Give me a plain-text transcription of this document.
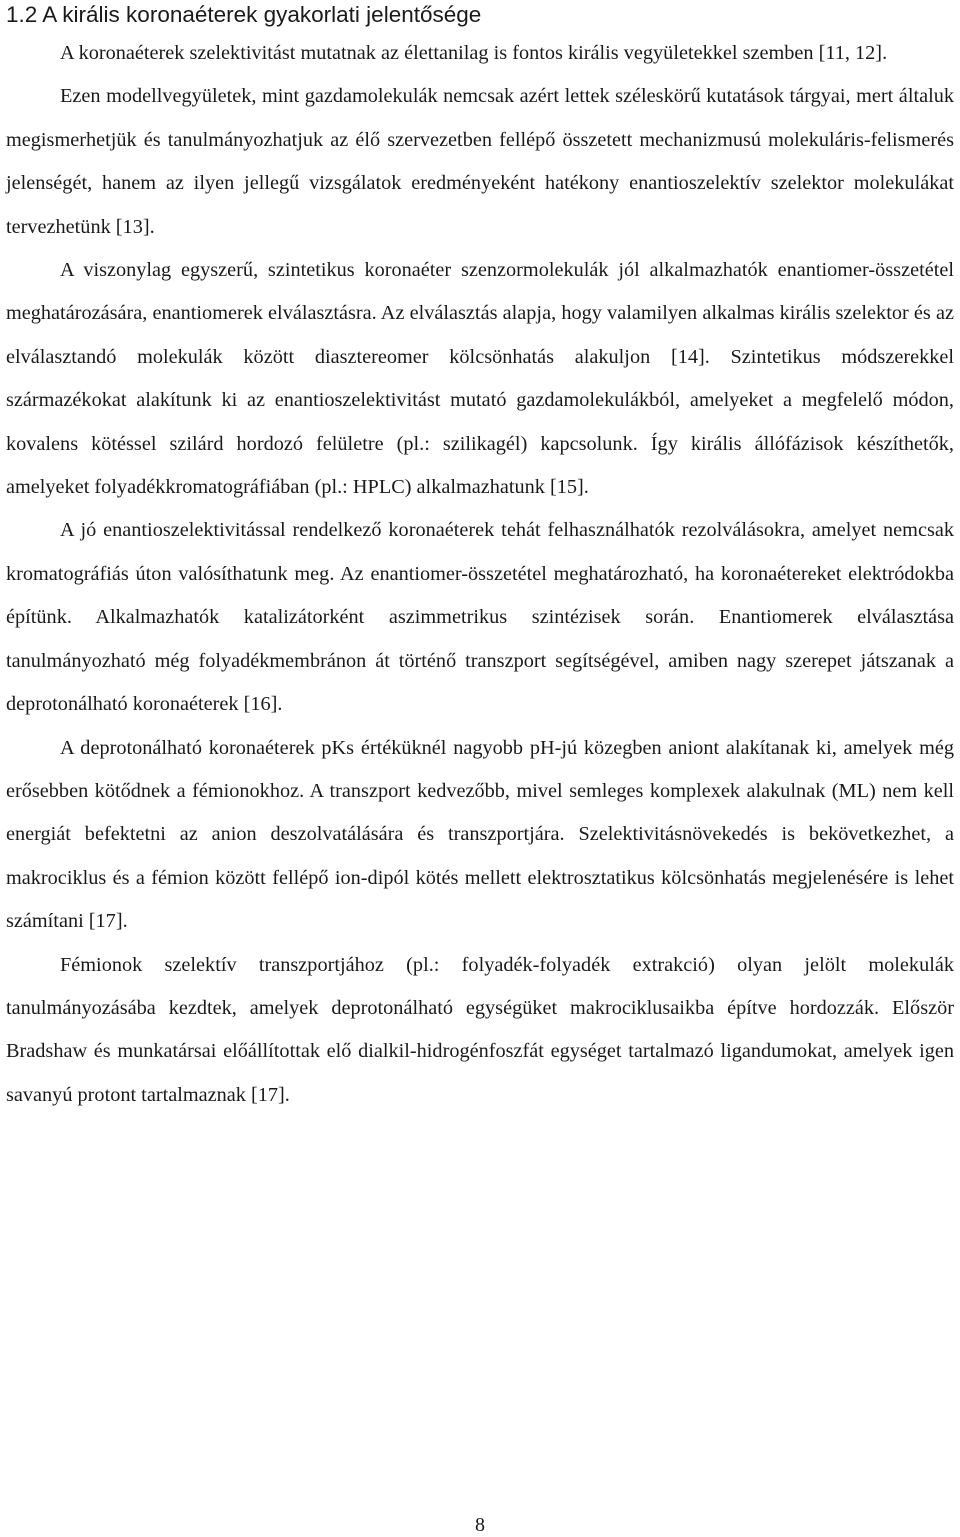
1.2 A királis koronaéterek gyakorlati jelentősége

A koronaéterek szelektivitást mutatnak az élettanilag is fontos királis vegyületekkel szemben [11, 12].

Ezen modellvegyületek, mint gazdamolekulák nemcsak azért lettek széleskörű kutatások tárgyai, mert általuk megismerhetjük és tanulmányozhatjuk az élő szervezetben fellépő összetett mechanizmusú molekuláris-felismerés jelenségét, hanem az ilyen jellegű vizsgálatok eredményeként hatékony enantioszelektív szelektor molekulákat tervezhetünk [13].

A viszonylag egyszerű, szintetikus koronaéter szenzormolekulák jól alkalmazhatók enantiomer-összetétel meghatározására, enantiomerek elválasztásra. Az elválasztás alapja, hogy valamilyen alkalmas királis szelektor és az elválasztandó molekulák között diasztereomer kölcsönhatás alakuljon [14]. Szintetikus módszerekkel származékokat alakítunk ki az enantioszelektivitást mutató gazdamolekulákból, amelyeket a megfelelő módon, kovalens kötéssel szilárd hordozó felületre (pl.: szilikagél) kapcsolunk. Így királis állófázisok készíthetők, amelyeket folyadékkromatográfiában (pl.: HPLC) alkalmazhatunk [15].

A jó enantioszelektivitással rendelkező koronaéterek tehát felhasználhatók rezolválásokra, amelyet nemcsak kromatográfiás úton valósíthatunk meg. Az enantiomer-összetétel meghatározható, ha koronaétereket elektródokba építünk. Alkalmazhatók katalizátorként aszimmetrikus szintézisek során. Enantiomerek elválasztása tanulmányozható még folyadékmembránon át történő transzport segítségével, amiben nagy szerepet játszanak a deprotonálható koronaéterek [16].

A deprotonálható koronaéterek pKs értéküknél nagyobb pH-jú közegben aniont alakítanak ki, amelyek még erősebben kötődnek a fémionokhoz. A transzport kedvezőbb, mivel semleges komplexek alakulnak (ML) nem kell energiát befektetni az anion deszolvatálására és transzportjára. Szelektivitásnövekedés is bekövetkezhet, a makrociklus és a fémion között fellépő ion-dipól kötés mellett elektrosztatikus kölcsönhatás megjelenésére is lehet számítani [17].

Fémionok szelektív transzportjához (pl.: folyadék-folyadék extrakció) olyan jelölt molekulák tanulmányozásába kezdtek, amelyek deprotonálható egységüket makrociklusaikba építve hordozzák. Először Bradshaw és munkatársai előállítottak elő dialkil-hidrogénfoszfát egységet tartalmazó ligandumokat, amelyek igen savanyú protont tartalmaznak [17].

8
